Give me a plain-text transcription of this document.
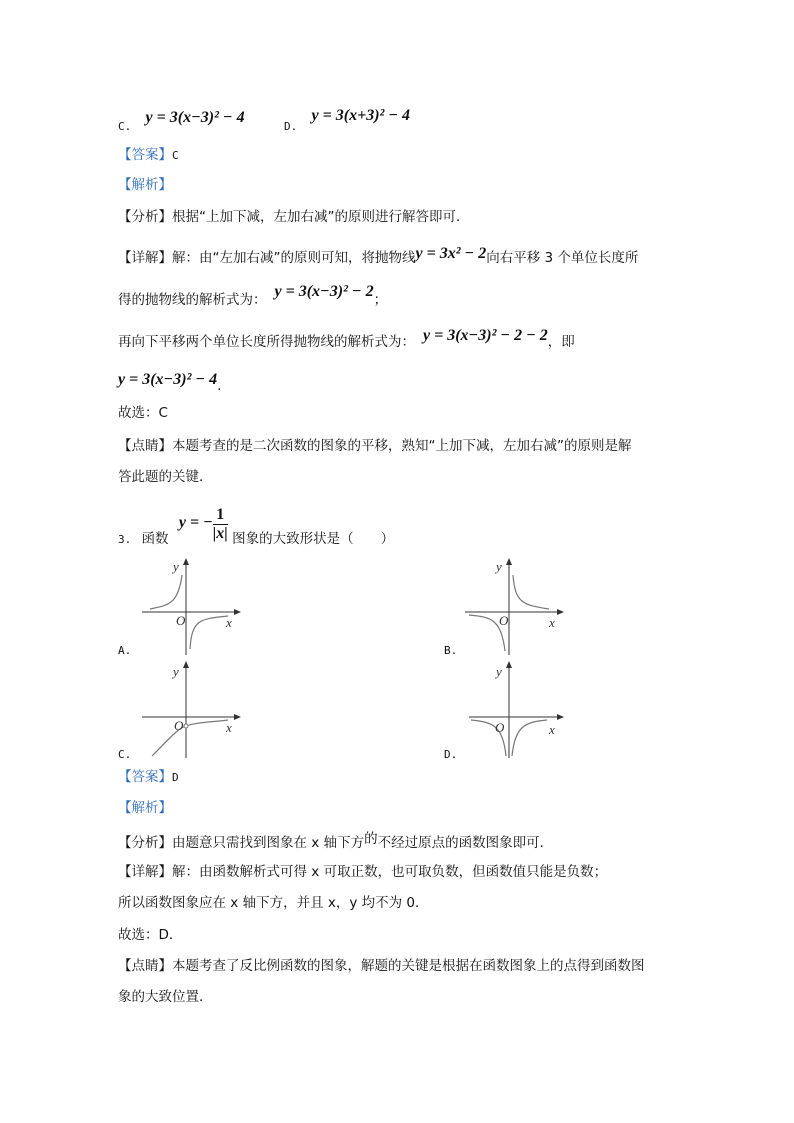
$_{C.}$ y = 3(x−3)² − 4
$_{D.}$ y = 3(x+3)² − 4
【答案】C
【解析】
【分析】根据“上加下减，左加右减”的原则进行解答即可．
【详解】解：由“左加右减”的原则可知，将抛物线y = 3x² − 2向右平移 3 个单位长度所
得的抛物线的解析式为： y = 3(x−3)² − 2；
再向下平移两个单位长度所得抛物线的解析式为： y = 3(x−3)² − 2 − 2，即
y = 3(x−3)² − 4.
故选：C
【点睛】本题考查的是二次函数的图象的平移，熟知“上加下减，左加右减”的原则是解
答此题的关键．
$_{3.}$ 函数 y = − $\frac{1}{|x|}$ 图象的大致形状是（　　）
y
O	x
A.
y
O	x
B.
y
O	x
C.
y
O	x
D.
【答案】D
【解析】
【分析】由题意只需找到图象在 x 轴下方的不经过原点的函数图象即可．
【详解】解：由函数解析式可得 x 可取正数，也可取负数，但函数值只能是负数；
所以函数图象应在 x 轴下方，并且 x，y 均不为 0．
故选：D．
【点睛】本题考查了反比例函数的图象，解题的关键是根据在函数图象上的点得到函数图
象的大致位置．
